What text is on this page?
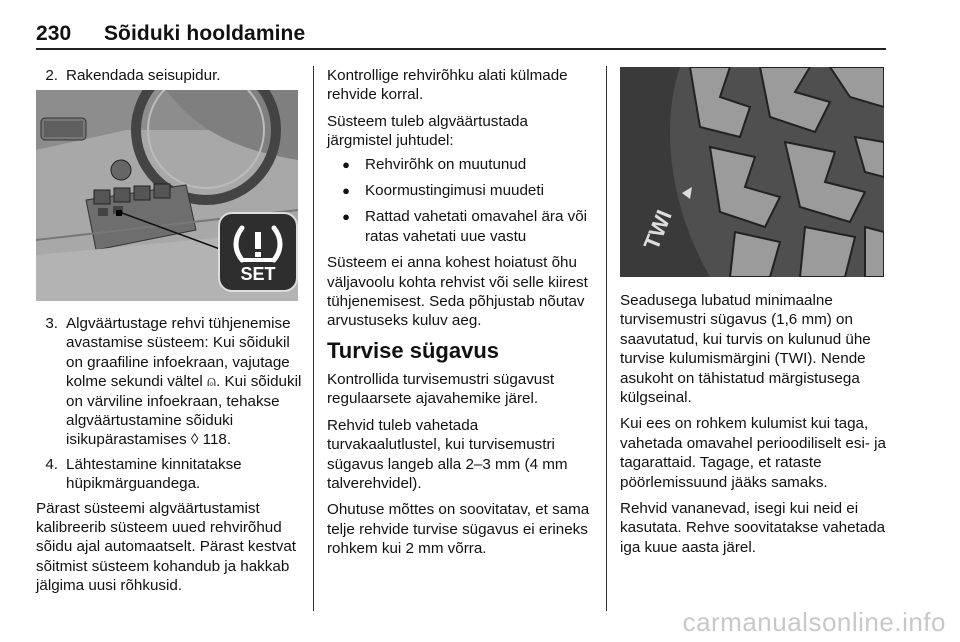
230 Sõiduki hooldamine
2. Rakendada seisupidur.
SET
3. Algväärtustage rehvi tühjenemise avastamise süsteem: Kui sõidukil on graafiline infoekraan, vajutage kolme sekundi vältel ⍝. Kui sõidukil on värviline infoekraan, tehakse algväärtustamine sõiduki isikupärastamises ◊ 118.
4. Lähtestamine kinnitatakse hüpikmärguandega.

Pärast süsteemi algväärtustamist kalibreerib süsteem uued rehvirõhud sõidu ajal automaatselt. Pärast kestvat sõitmist süsteem kohandub ja hakkab jälgima uusi rõhkusid.

Kontrollige rehvirõhku alati külmade rehvide korral.

Süsteem tuleb algväärtustada järgmistel juhtudel:

● Rehvirõhk on muutunud
● Koormustingimusi muudeti
● Rattad vahetati omavahel ära või ratas vahetati uue vastu

Süsteem ei anna kohest hoiatust õhu väljavoolu kohta rehvist või selle kiirest tühjenemisest. Seda põhjustab nõutav arvustuseks kuluv aeg.

Turvise sügavus

Kontrollida turvisemustri sügavust regulaarsete ajavahemike järel.

Rehvid tuleb vahetada turvakaalutlustel, kui turvisemustri sügavus langeb alla 2–3 mm (4 mm talverehvidel).

Ohutuse mõttes on soovitatav, et sama telje rehvide turvise sügavus ei erineks rohkem kui 2 mm võrra.

TWI

Seadusega lubatud minimaalne turvisemustri sügavus (1,6 mm) on saavutatud, kui turvis on kulunud ühe turvise kulumismärgini (TWI). Nende asukoht on tähistatud märgistusega külgseinal.

Kui ees on rohkem kulumist kui taga, vahetada omavahel perioodiliselt esi- ja tagarattaid. Tagage, et rataste pöörlemissuund jääks samaks.

Rehvid vananevad, isegi kui neid ei kasutata. Rehve soovitatakse vahetada iga kuue aasta järel.

carmanualsonline.info
